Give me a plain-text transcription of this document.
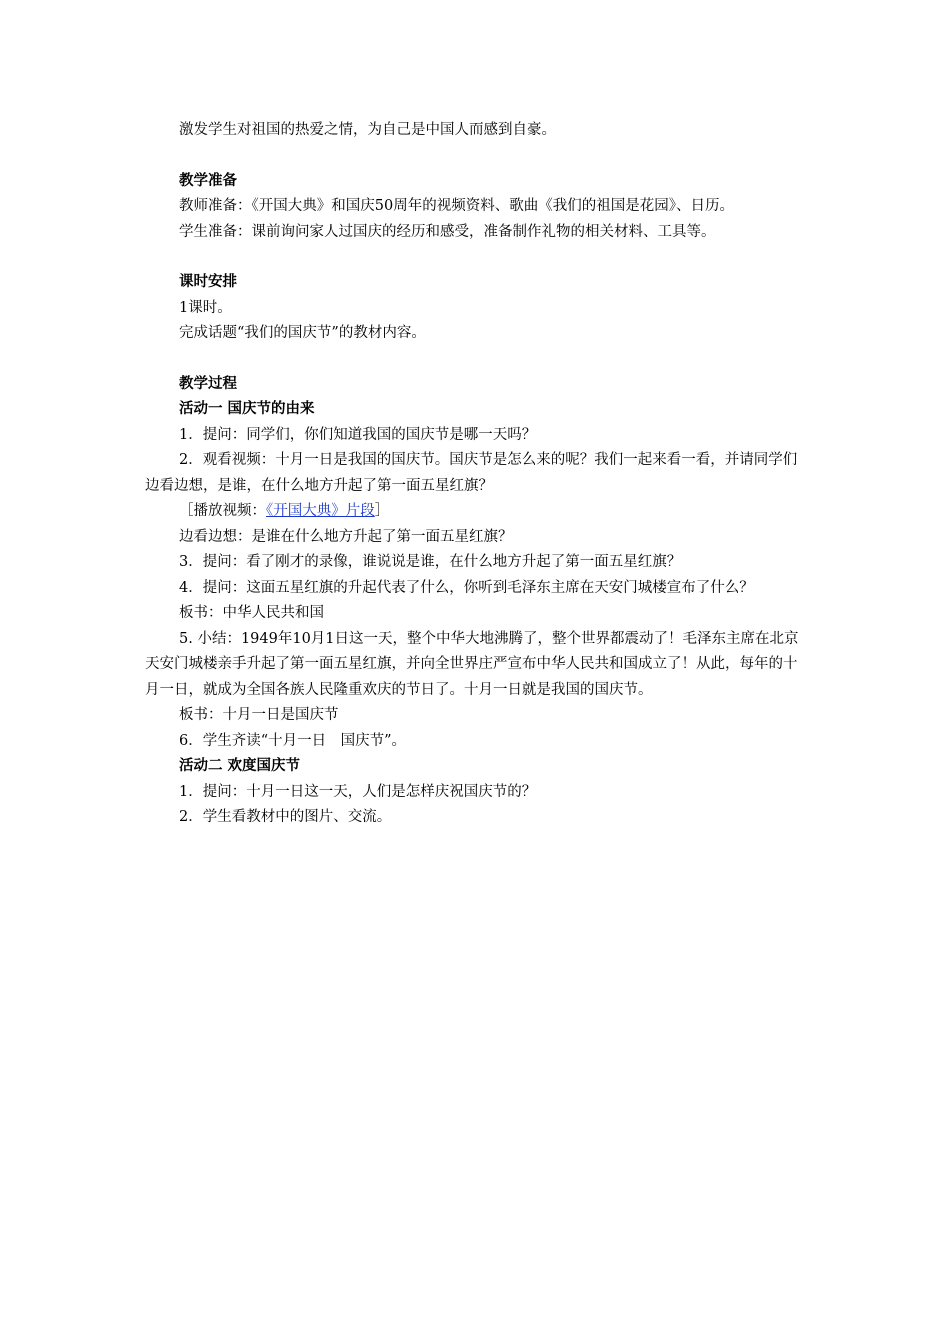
激发学生对祖国的热爱之情，为自己是中国人而感到自豪。

教学准备

教师准备：《开国大典》和国庆50周年的视频资料、歌曲《我们的祖国是花园》、日历。

学生准备：课前询问家人过国庆的经历和感受，准备制作礼物的相关材料、工具等。

课时安排

1课时。

完成话题“我们的国庆节”的教材内容。

教学过程

活动一 国庆节的由来

1．提问：同学们，你们知道我国的国庆节是哪一天吗？

2．观看视频：十月一日是我国的国庆节。国庆节是怎么来的呢？我们一起来看一看，并请同学们边看边想，是谁，在什么地方升起了第一面五星红旗？

［播放视频：《开国大典》片段］

边看边想：是谁在什么地方升起了第一面五星红旗？

3．提问：看了刚才的录像，谁说说是谁，在什么地方升起了第一面五星红旗？

4．提问：这面五星红旗的升起代表了什么，你听到毛泽东主席在天安门城楼宣布了什么？

板书：中华人民共和国

5. 小结：1949年10月1日这一天，整个中华大地沸腾了，整个世界都震动了！毛泽东主席在北京天安门城楼亲手升起了第一面五星红旗，并向全世界庄严宣布中华人民共和国成立了！从此，每年的十月一日，就成为全国各族人民隆重欢庆的节日了。十月一日就是我国的国庆节。

板书：十月一日是国庆节

6．学生齐读“十月一日　国庆节”。

活动二 欢度国庆节

1．提问：十月一日这一天，人们是怎样庆祝国庆节的？

2．学生看教材中的图片、交流。
